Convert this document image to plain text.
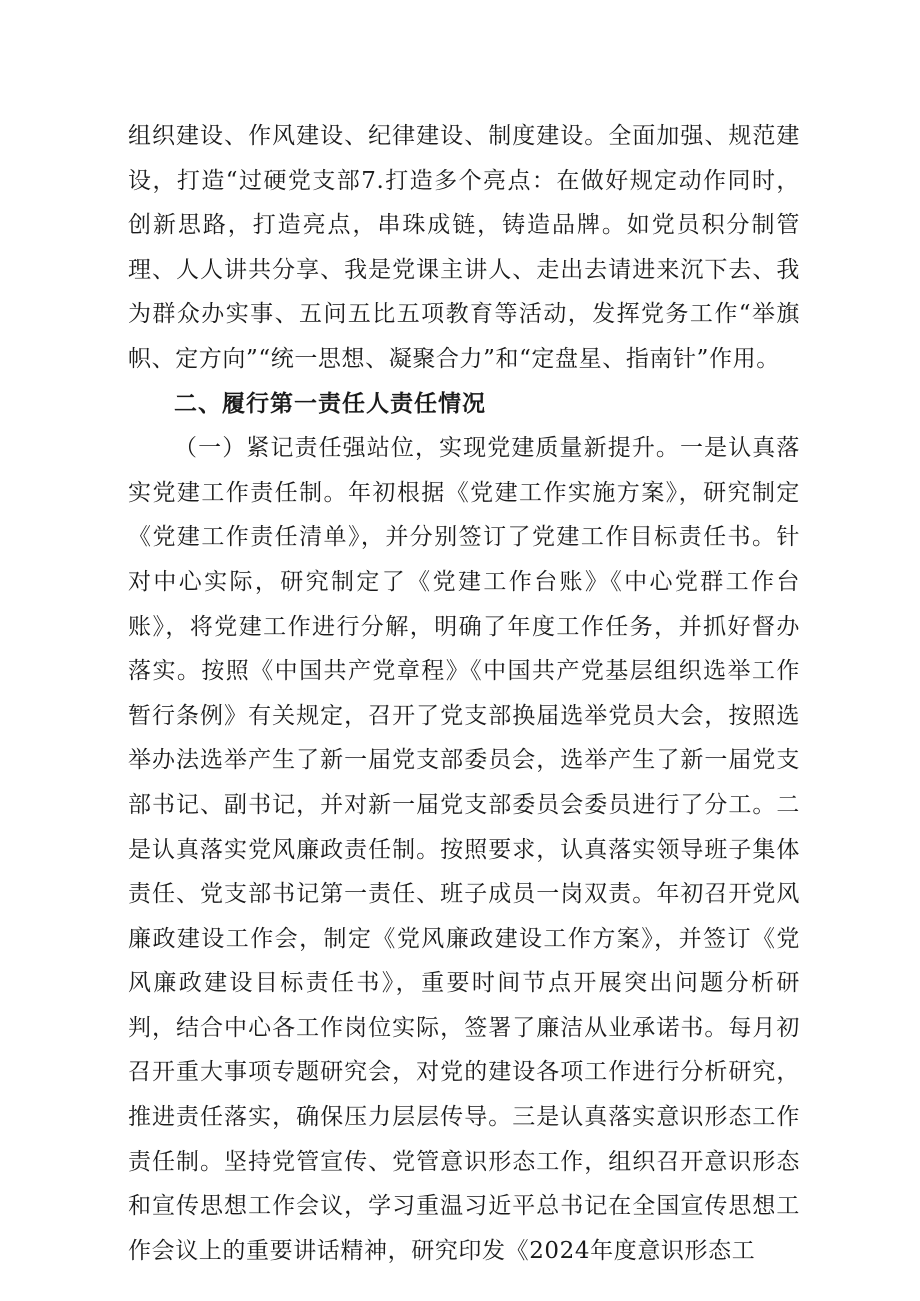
组织建设、作风建设、纪律建设、制度建设。全面加强、规范建设，打造“过硬党支部7.打造多个亮点：在做好规定动作同时，创新思路，打造亮点，串珠成链，铸造品牌。如党员积分制管理、人人讲共分享、我是党课主讲人、走出去请进来沉下去、我为群众办实事、五问五比五项教育等活动，发挥党务工作“举旗帜、定方向”“统一思想、凝聚合力”和“定盘星、指南针”作用。

二、履行第一责任人责任情况

（一）紧记责任强站位，实现党建质量新提升。一是认真落实党建工作责任制。年初根据《党建工作实施方案》，研究制定《党建工作责任清单》，并分别签订了党建工作目标责任书。针对中心实际，研究制定了《党建工作台账》《中心党群工作台账》，将党建工作进行分解，明确了年度工作任务，并抓好督办落实。按照《中国共产党章程》《中国共产党基层组织选举工作暂行条例》有关规定，召开了党支部换届选举党员大会，按照选举办法选举产生了新一届党支部委员会，选举产生了新一届党支部书记、副书记，并对新一届党支部委员会委员进行了分工。二是认真落实党风廉政责任制。按照要求，认真落实领导班子集体责任、党支部书记第一责任、班子成员一岗双责。年初召开党风廉政建设工作会，制定《党风廉政建设工作方案》，并签订《党风廉政建设目标责任书》，重要时间节点开展突出问题分析研判，结合中心各工作岗位实际，签署了廉洁从业承诺书。每月初召开重大事项专题研究会，对党的建设各项工作进行分析研究，推进责任落实，确保压力层层传导。三是认真落实意识形态工作责任制。坚持党管宣传、党管意识形态工作，组织召开意识形态和宣传思想工作会议，学习重温习近平总书记在全国宣传思想工作会议上的重要讲话精神，研究印发《2024年度意识形态工
